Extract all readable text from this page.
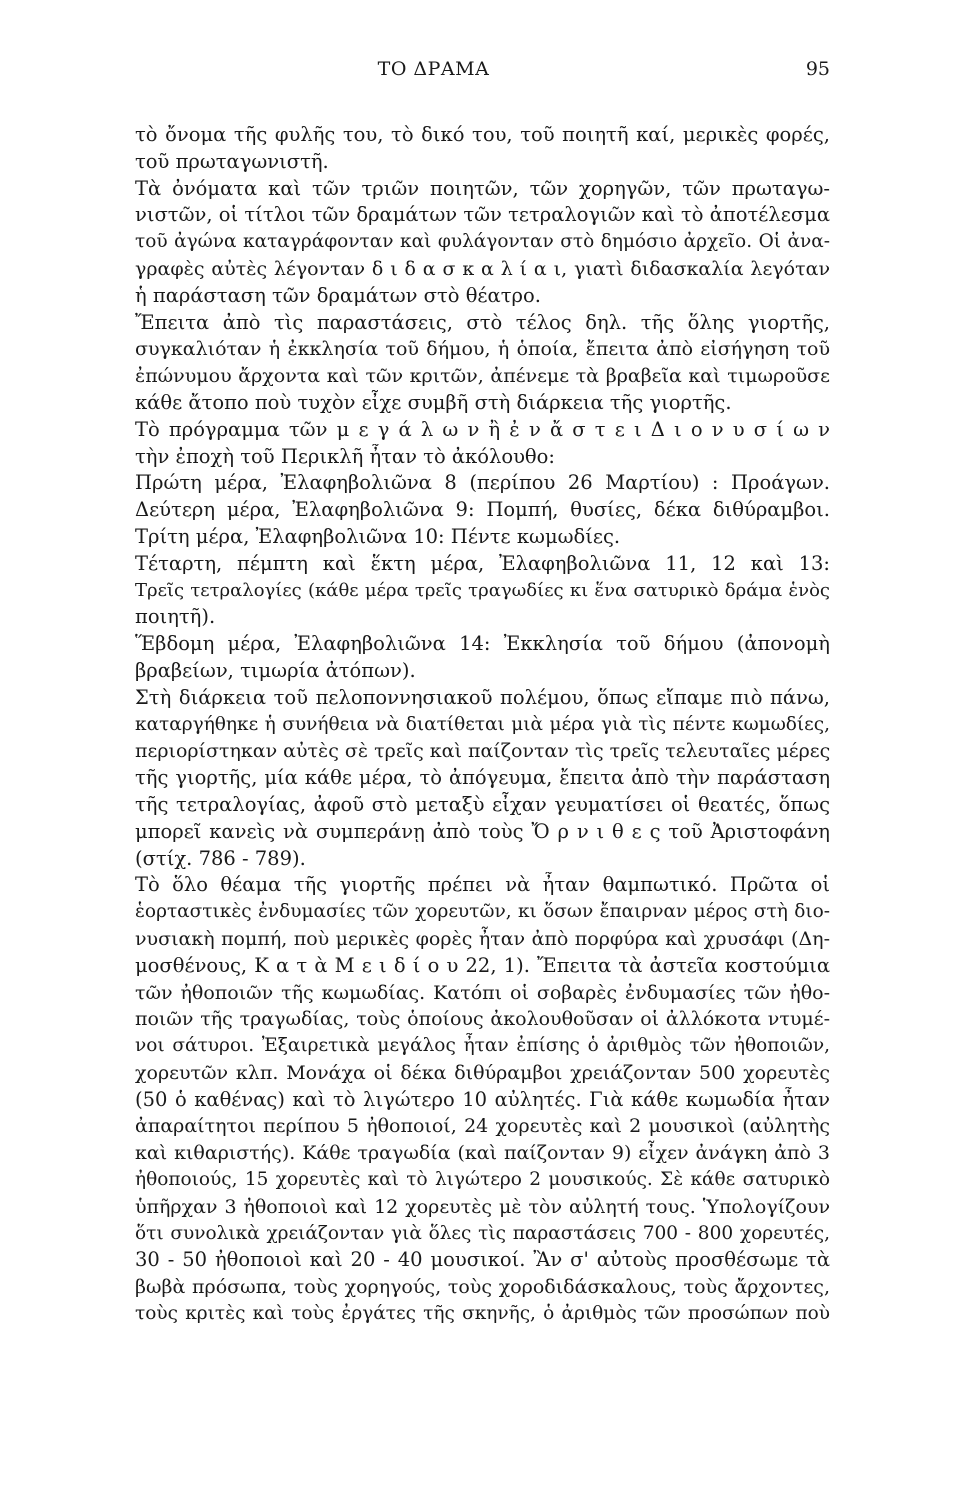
ΤΟ ΔΡΑΜΑ	95
τὸ ὄνομα τῆς φυλῆς του, τὸ δικό του, τοῦ ποιητῆ καί, μερικὲς φορές,
τοῦ πρωταγωνιστῆ.
Τὰ ὀνόματα καὶ τῶν τριῶν ποιητῶν, τῶν χορηγῶν, τῶν πρωταγω-
νιστῶν, οἱ τίτλοι τῶν δραμάτων τῶν τετραλογιῶν καὶ τὸ ἀποτέλεσμα
τοῦ ἀγώνα καταγράφονταν καὶ φυλάγονταν στὸ δημόσιο ἀρχεῖο. Οἱ ἀνα-
γραφὲς αὐτὲς λέγονταν δ ι δ α σ κ α λ ί α ι, γιατὶ διδασκαλία λεγόταν
ἡ παράσταση τῶν δραμάτων στὸ θέατρο.
Ἔπειτα ἀπὸ τὶς παραστάσεις, στὸ τέλος δηλ. τῆς ὅλης γιορτῆς,
συγκαλιόταν ἡ ἐκκλησία τοῦ δήμου, ἡ ὁποία, ἔπειτα ἀπὸ εἰσήγηση τοῦ
ἐπώνυμου ἄρχοντα καὶ τῶν κριτῶν, ἀπένεμε τὰ βραβεῖα καὶ τιμωροῦσε
κάθε ἄτοπο ποὺ τυχὸν εἶχε συμβῆ στὴ διάρκεια τῆς γιορτῆς.
Τὸ πρόγραμμα τῶν μ ε γ ά λ ω ν ἢ ἐ ν ἄ σ τ ε ι Δ ι ο ν υ σ ί ω ν
τὴν ἐποχὴ τοῦ Περικλῆ ἦταν τὸ ἀκόλουθο:
Πρώτη μέρα, Ἐλαφηβολιῶνα 8 (περίπου 26 Μαρτίου) : Προάγων.
Δεύτερη μέρα, Ἐλαφηβολιῶνα 9: Πομπή, θυσίες, δέκα διθύραμβοι.
Τρίτη μέρα, Ἐλαφηβολιῶνα 10: Πέντε κωμωδίες.
Τέταρτη, πέμπτη καὶ ἕκτη μέρα, Ἐλαφηβολιῶνα 11, 12 καὶ 13:
Τρεῖς τετραλογίες (κάθε μέρα τρεῖς τραγωδίες κι ἕνα σατυρικὸ δράμα ἑνὸς
ποιητῆ).
Ἕβδομη μέρα, Ἐλαφηβολιῶνα 14: Ἐκκλησία τοῦ δήμου (ἀπονομὴ
βραβείων, τιμωρία ἀτόπων).
Στὴ διάρκεια τοῦ πελοποννησιακοῦ πολέμου, ὅπως εἴπαμε πιὸ πάνω,
καταργήθηκε ἡ συνήθεια νὰ διατίθεται μιὰ μέρα γιὰ τὶς πέντε κωμωδίες,
περιορίστηκαν αὐτὲς σὲ τρεῖς καὶ παίζονταν τὶς τρεῖς τελευταῖες μέρες
τῆς γιορτῆς, μία κάθε μέρα, τὸ ἀπόγευμα, ἔπειτα ἀπὸ τὴν παράσταση
τῆς τετραλογίας, ἀφοῦ στὸ μεταξὺ εἶχαν γευματίσει οἱ θεατές, ὅπως
μπορεῖ κανεὶς νὰ συμπεράνῃ ἀπὸ τοὺς Ὄ ρ ν ι θ ε ς τοῦ Ἀριστοφάνη
(στίχ. 786 - 789).
Τὸ ὅλο θέαμα τῆς γιορτῆς πρέπει νὰ ἦταν θαμπωτικό. Πρῶτα οἱ
ἑορταστικὲς ἐνδυμασίες τῶν χορευτῶν, κι ὅσων ἔπαιρναν μέρος στὴ διο-
νυσιακὴ πομπή, ποὺ μερικὲς φορὲς ἦταν ἀπὸ πορφύρα καὶ χρυσάφι (Δη-
μοσθένους, Κ α τ ὰ Μ ε ι δ ί ο υ 22, 1). Ἔπειτα τὰ ἀστεῖα κοστούμια
τῶν ἠθοποιῶν τῆς κωμωδίας. Κατόπι οἱ σοβαρὲς ἐνδυμασίες τῶν ἠθο-
ποιῶν τῆς τραγωδίας, τοὺς ὁποίους ἀκολουθοῦσαν οἱ ἀλλόκοτα ντυμέ-
νοι σάτυροι. Ἐξαιρετικὰ μεγάλος ἦταν ἐπίσης ὁ ἀριθμὸς τῶν ἠθοποιῶν,
χορευτῶν κλπ. Μονάχα οἱ δέκα διθύραμβοι χρειάζονταν 500 χορευτὲς
(50 ὁ καθένας) καὶ τὸ λιγώτερο 10 αὐλητές. Γιὰ κάθε κωμωδία ἦταν
ἀπαραίτητοι περίπου 5 ἠθοποιοί, 24 χορευτὲς καὶ 2 μουσικοὶ (αὐλητὴς
καὶ κιθαριστής). Κάθε τραγωδία (καὶ παίζονταν 9) εἶχεν ἀνάγκη ἀπὸ 3
ἠθοποιούς, 15 χορευτὲς καὶ τὸ λιγώτερο 2 μουσικούς. Σὲ κάθε σατυρικὸ
ὑπῆρχαν 3 ἠθοποιοὶ καὶ 12 χορευτὲς μὲ τὸν αὐλητή τους. Ὑπολογίζουν
ὅτι συνολικὰ χρειάζονταν γιὰ ὅλες τὶς παραστάσεις 700 - 800 χορευτές,
30 - 50 ἠθοποιοὶ καὶ 20 - 40 μουσικοί. Ἂν σ' αὐτοὺς προσθέσωμε τὰ
βωβὰ πρόσωπα, τοὺς χορηγούς, τοὺς χοροδιδάσκαλους, τοὺς ἄρχοντες,
τοὺς κριτὲς καὶ τοὺς ἐργάτες τῆς σκηνῆς, ὁ ἀριθμὸς τῶν προσώπων ποὺ
